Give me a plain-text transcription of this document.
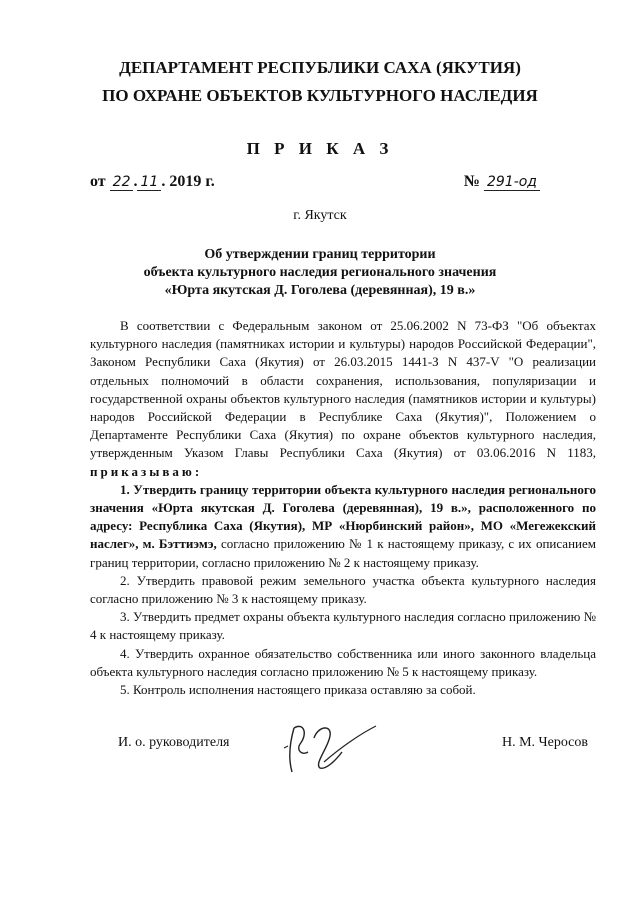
ДЕПАРТАМЕНТ РЕСПУБЛИКИ САХА (ЯКУТИЯ)
ПО ОХРАНЕ ОБЪЕКТОВ КУЛЬТУРНОГО НАСЛЕДИЯ
П Р И К А З
от 22 . 11 . 2019 г.	№ 291-од
г. Якутск
Об утверждении границ территории
объекта культурного наследия регионального значения
«Юрта якутская Д. Гоголева (деревянная), 19 в.»

В соответствии с Федеральным законом от 25.06.2002 N 73-ФЗ "Об объектах культурного наследия (памятниках истории и культуры) народов Российской Федерации", Законом Республики Саха (Якутия) от 26.03.2015 1441-З N 437-V "О реализации отдельных полномочий в области сохранения, использования, популяризации и государственной охраны объектов культурного наследия (памятников истории и культуры) народов Российской Федерации в Республике Саха (Якутия)", Положением о Департаменте Республики Саха (Якутия) по охране объектов культурного наследия, утвержденным Указом Главы Республики Саха (Якутия) от 03.06.2016 N 1183, приказываю:

1. Утвердить границу территории объекта культурного наследия регионального значения «Юрта якутская Д. Гоголева (деревянная), 19 в.», расположенного по адресу: Республика Саха (Якутия), МР «Нюрбинский район», МО «Мегежекский наслег», м. Бэттиэмэ, согласно приложению № 1 к настоящему приказу, с их описанием границ территории, согласно приложению № 2 к настоящему приказу.

2. Утвердить правовой режим земельного участка объекта культурного наследия согласно приложению № 3 к настоящему приказу.

3. Утвердить предмет охраны объекта культурного наследия согласно приложению № 4 к настоящему приказу.

4. Утвердить охранное обязательство собственника или иного законного владельца объекта культурного наследия согласно приложению № 5 к настоящему приказу.

5. Контроль исполнения настоящего приказа оставляю за собой.

И. о. руководителя	Н. М. Черосов
